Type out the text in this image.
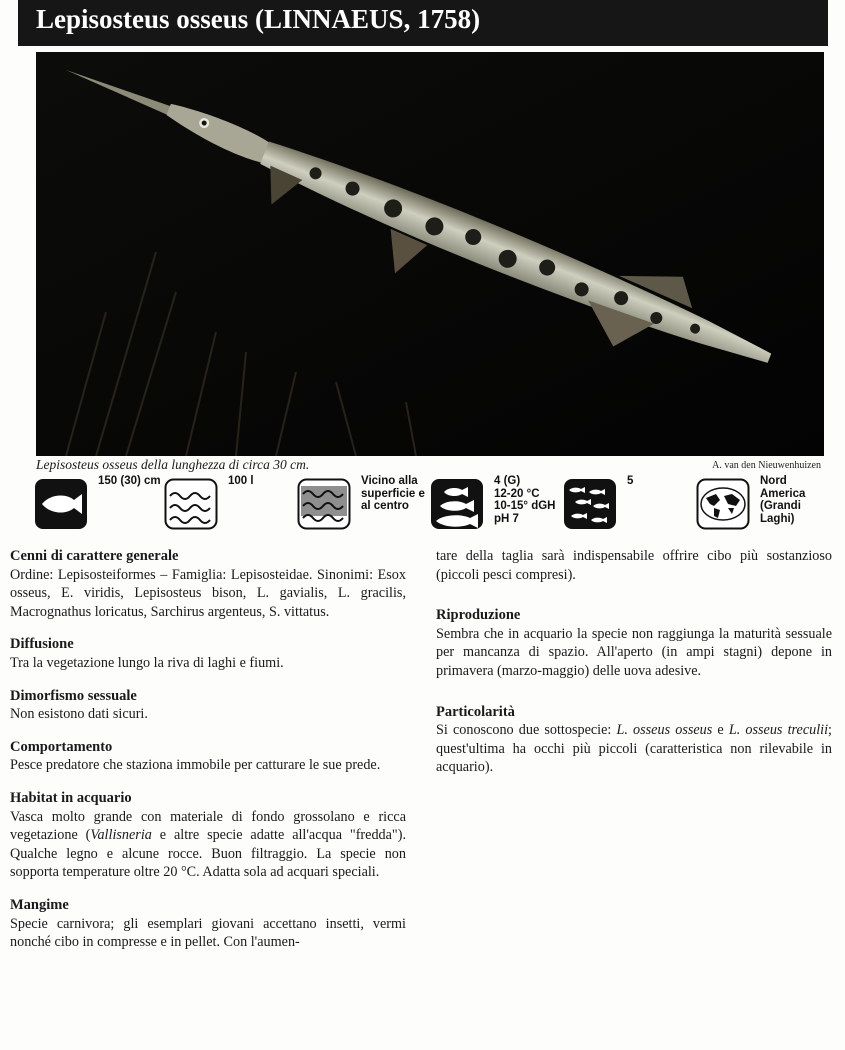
Lepisosteus osseus (LINNAEUS, 1758)
Lepisosteus osseus della lunghezza di circa 30 cm.	A. van den Nieuwenhuizen
150 (30) cm	100 l	Vicino alla
superficie e
al centro
4 (G)
12-20 °C
10-15° dGH
pH 7
5	Nord
America
(Grandi
Laghi)

Cenni di carattere generale

Ordine: Lepisosteiformes – Famiglia: Lepisosteidae. Sinonimi: Esox osseus, E. viridis, Lepisosteus bison, L. gavialis, L. gracilis, Macrognathus loricatus, Sarchirus argenteus, S. vittatus.

Diffusione

Tra la vegetazione lungo la riva di laghi e fiumi.

Dimorfismo sessuale

Non esistono dati sicuri.

Comportamento

Pesce predatore che staziona immobile per catturare le sue prede.

Habitat in acquario

Vasca molto grande con materiale di fondo grossolano e ricca vegetazione (Vallisneria e altre specie adatte all'acqua "fredda"). Qualche legno e alcune rocce. Buon filtraggio. La specie non sopporta temperature oltre 20 °C. Adatta sola ad acquari speciali.

Mangime

Specie carnivora; gli esemplari giovani accettano insetti, vermi nonché cibo in compresse e in pellet. Con l'aumen-

tare della taglia sarà indispensabile offrire cibo più sostanzioso (piccoli pesci compresi).

Riproduzione

Sembra che in acquario la specie non raggiunga la maturità sessuale per mancanza di spazio. All'aperto (in ampi stagni) depone in primavera (marzo-maggio) delle uova adesive.

Particolarità

Si conoscono due sottospecie: L. osseus osseus e L. osseus treculii; quest'ultima ha occhi più piccoli (caratteristica non rilevabile in acquario).
